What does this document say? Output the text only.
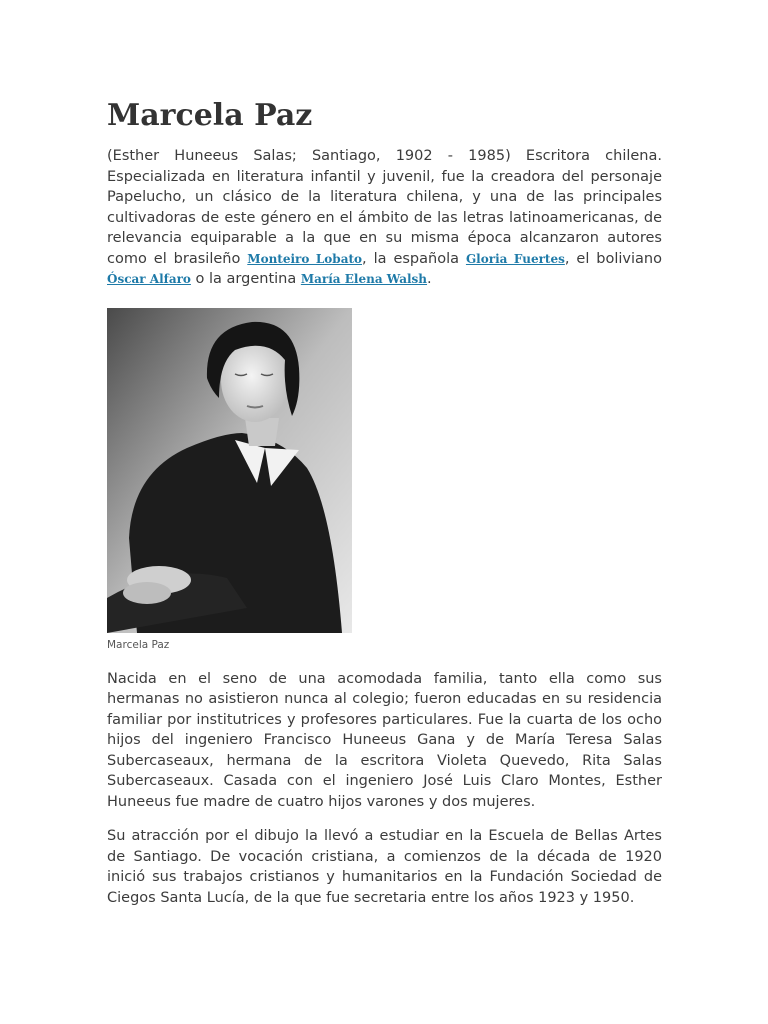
Marcela Paz

(Esther Huneeus Salas; Santiago, 1902 - 1985) Escritora chilena. Especializada en literatura infantil y juvenil, fue la creadora del personaje Papelucho, un clásico de la literatura chilena, y una de las principales cultivadoras de este género en el ámbito de las letras latinoamericanas, de relevancia equiparable a la que en su misma época alcanzaron autores como el brasileño Monteiro Lobato, la española Gloria Fuertes, el boliviano Óscar Alfaro o la argentina María Elena Walsh.

Marcela Paz

Nacida en el seno de una acomodada familia, tanto ella como sus hermanas no asistieron nunca al colegio; fueron educadas en su residencia familiar por institutrices y profesores particulares. Fue la cuarta de los ocho hijos del ingeniero Francisco Huneeus Gana y de María Teresa Salas Subercaseaux, hermana de la escritora Violeta Quevedo, Rita Salas Subercaseaux. Casada con el ingeniero José Luis Claro Montes, Esther Huneeus fue madre de cuatro hijos varones y dos mujeres.

Su atracción por el dibujo la llevó a estudiar en la Escuela de Bellas Artes de Santiago. De vocación cristiana, a comienzos de la década de 1920 inició sus trabajos cristianos y humanitarios en la Fundación Sociedad de Ciegos Santa Lucía, de la que fue secretaria entre los años 1923 y 1950.
